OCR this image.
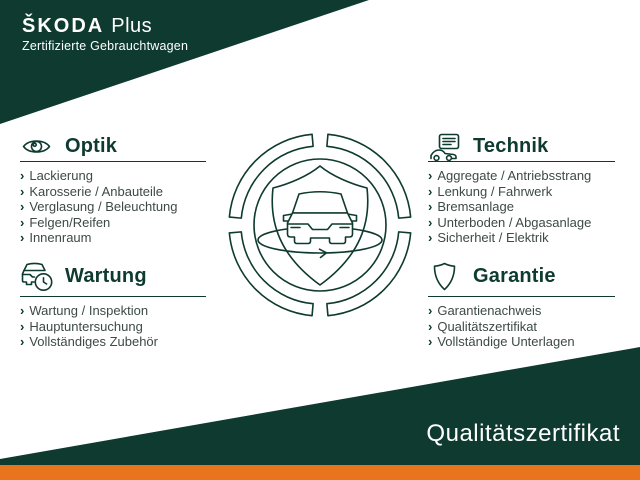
ŠKODA Plus
Zertifizierte Gebrauchtwagen
Optik
› Lackierung
› Karosserie / Anbauteile
› Verglasung / Beleuchtung
› Felgen/Reifen
› Innenraum
Technik
› Aggregate / Antriebsstrang
› Lenkung / Fahrwerk
› Bremsanlage
› Unterboden / Abgasanlage
› Sicherheit / Elektrik
Wartung
› Wartung / Inspektion
› Hauptuntersuchung
› Vollständiges Zubehör
Garantie
› Garantienachweis
› Qualitätszertifikat
› Vollständige Unterlagen
Qualitätszertifikat
